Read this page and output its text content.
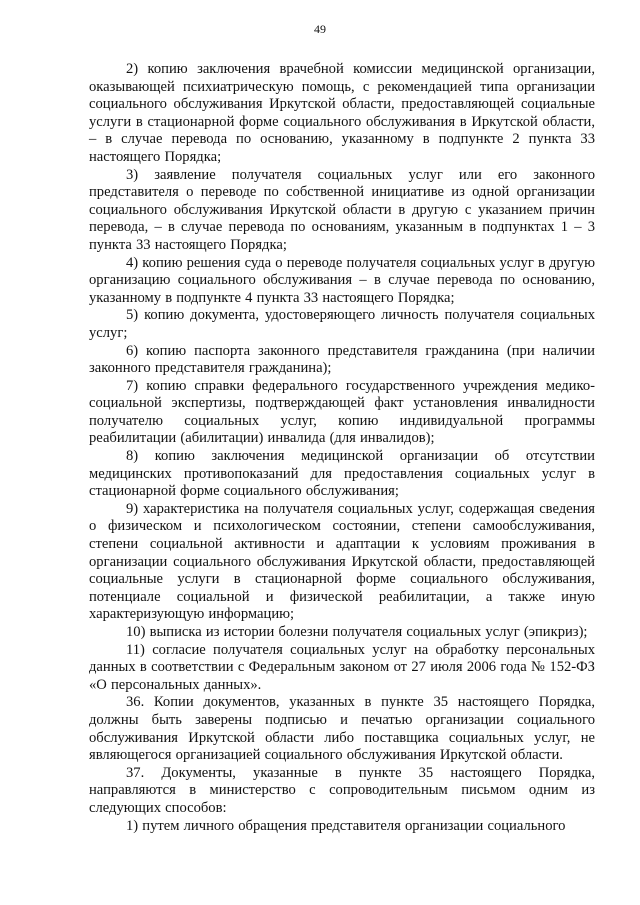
49

2) копию заключения врачебной комиссии медицинской организации, оказывающей психиатрическую помощь, с рекомендацией типа организации социального обслуживания Иркутской области, предоставляющей социальные услуги в стационарной форме социального обслуживания в Иркутской области, – в случае перевода по основанию, указанному в подпункте 2 пункта 33 настоящего Порядка;

3) заявление получателя социальных услуг или его законного представителя о переводе по собственной инициативе из одной организации социального обслуживания Иркутской области в другую с указанием причин перевода, – в случае перевода по основаниям, указанным в подпунктах 1 – 3 пункта 33 настоящего Порядка;

4) копию решения суда о переводе получателя социальных услуг в другую организацию социального обслуживания – в случае перевода по основанию, указанному в подпункте 4 пункта 33 настоящего Порядка;

5) копию документа, удостоверяющего личность получателя социальных услуг;

6) копию паспорта законного представителя гражданина (при наличии законного представителя гражданина);

7) копию справки федерального государственного учреждения медико-социальной экспертизы, подтверждающей факт установления инвалидности получателю социальных услуг, копию индивидуальной программы реабилитации (абилитации) инвалида (для инвалидов);

8) копию заключения медицинской организации об отсутствии медицинских противопоказаний для предоставления социальных услуг в стационарной форме социального обслуживания;

9) характеристика на получателя социальных услуг, содержащая сведения о физическом и психологическом состоянии, степени самообслуживания, степени социальной активности и адаптации к условиям проживания в организации социального обслуживания Иркутской области, предоставляющей социальные услуги в стационарной форме социального обслуживания, потенциале социальной и физической реабилитации, а также иную характеризующую информацию;

10) выписка из истории болезни получателя социальных услуг (эпикриз);

11) согласие получателя социальных услуг на обработку персональных данных в соответствии с Федеральным законом от 27 июля 2006 года № 152-ФЗ «О персональных данных».

36. Копии документов, указанных в пункте 35 настоящего Порядка, должны быть заверены подписью и печатью организации социального обслуживания Иркутской области либо поставщика социальных услуг, не являющегося организацией социального обслуживания Иркутской области.

37. Документы, указанные в пункте 35 настоящего Порядка, направляются в министерство с сопроводительным письмом одним из следующих способов:

1) путем личного обращения представителя организации социального
